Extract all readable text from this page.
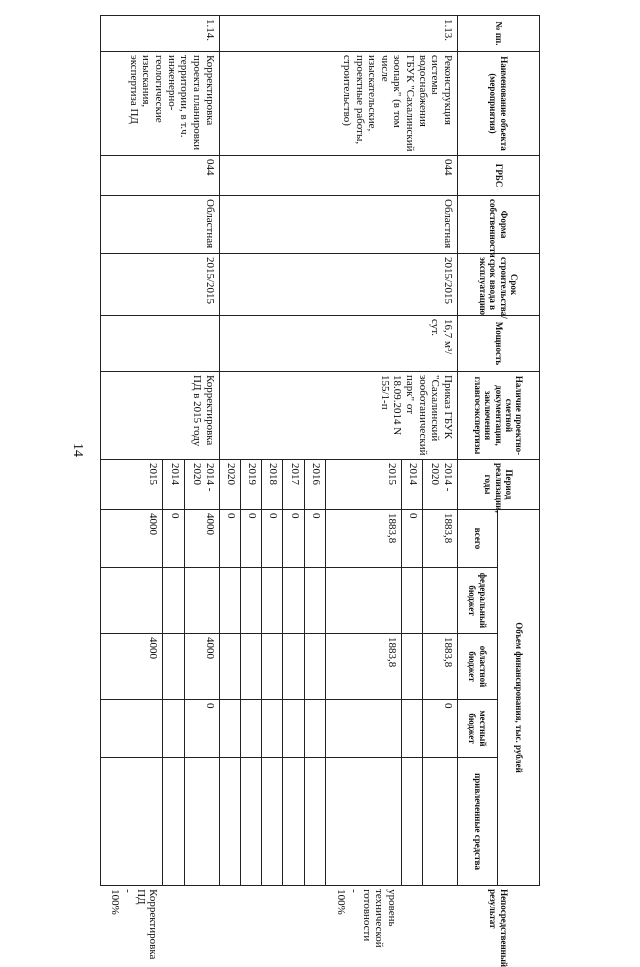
14
№ пп.	Наименование объекта (мероприятия)	ГРБС	Форма собственности	Срок строительства/срок ввода в эксплуатацию	Мощность	Наличие проектно-сметной документации, заключения главгосэкспертизы	Период реализации, годы	Объем финансирования, тыс. рублей					Непосредственный результат
								всего	федеральный бюджет	областной бюджет	местный бюджет	привлеченные средства	
1.13.	Реконструкция системы водоснабжения ГБУК "Сахалинский зоопарк" (в том числе изыскательские, проектные работы, строительство)	044	Областная	2015/2015	16,7 м³/сут.	Приказ ГБУК "Сахалинский зооботанический парк" от 18.09.2014 N 155/1-п	2014 - 2020	1883,8		1883,8	0		
							2014	0					
							2015	1883,8		1883,8			уровень технической готовности - 100%
							2016	0					
							2017	0					
							2018	0					
							2019	0					
							2020	0					
1.14.	Корректировка проекта планировки территории, в т.ч. инженерно-геологические изыскания, экспертиза ПД	044	Областная	2015/2015		Корректировка ПД в 2015 году	2014 - 2020	4000		4000	0		
							2014	0					
							2015	4000		4000			Корректировка ПД - 100%
